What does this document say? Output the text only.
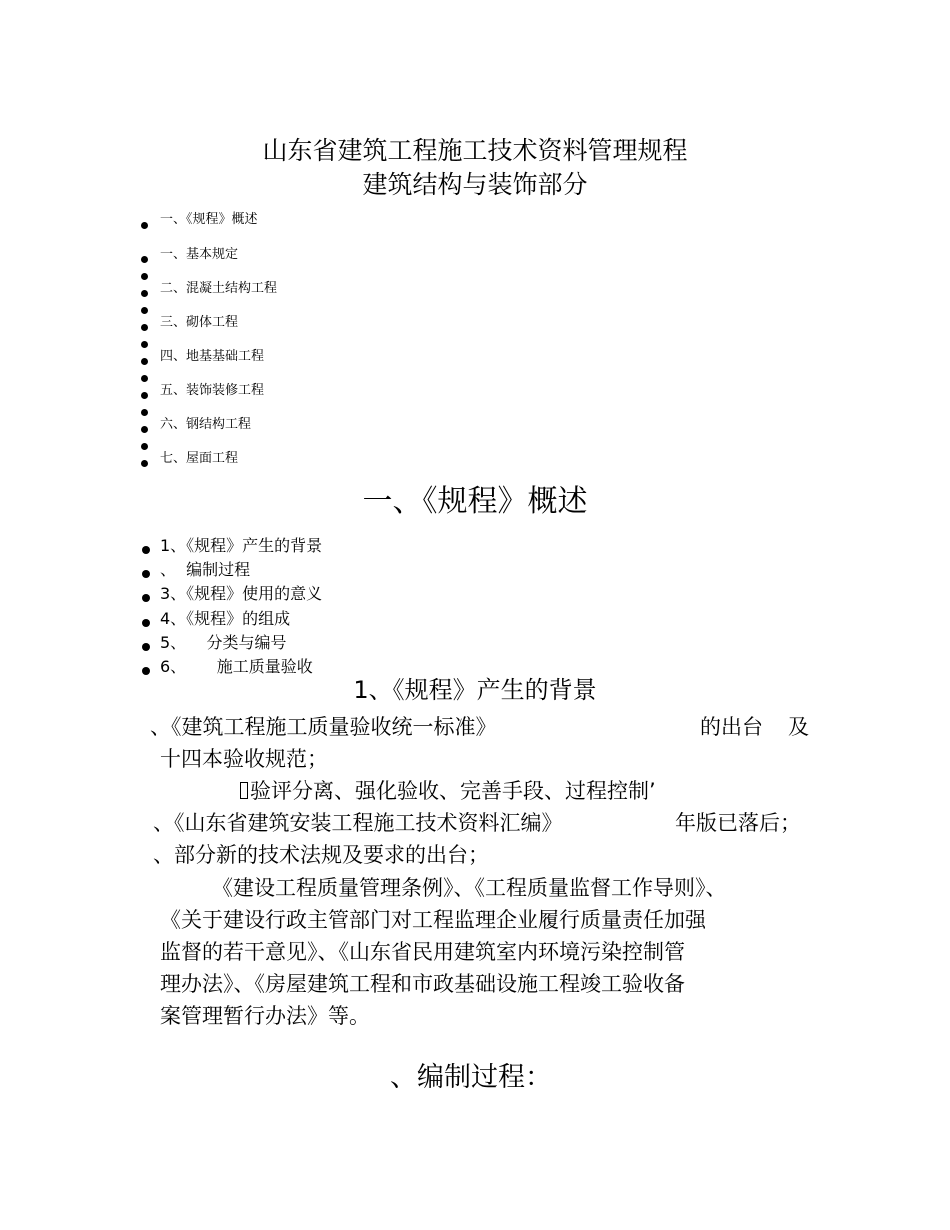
山东省建筑工程施工技术资料管理规程
建筑结构与装饰部分
一、《规程》概述
一、基本规定
二、混凝土结构工程
三、砌体工程
四、地基基础工程
五、装饰装修工程
六、钢结构工程
七、屋面工程
一、《规程》概述
1、《规程》产生的背景
、  编制过程
3、《规程》使用的意义
4、《规程》的组成
5、    分类与编号
6、      施工质量验收
1、《规程》产生的背景
、《建筑工程施工质量验收统一标准》	的出台 及
十四本验收规范；
验评分离、强化验收、完善手段、过程控制’
、《山东省建筑安装工程施工技术资料汇编》	年版已落后；
、部分新的技术法规及要求的出台；
《建设工程质量管理条例》、《工程质量监督工作导则》、
《关于建设行政主管部门对工程监理企业履行质量责任加强
监督的若干意见》、《山东省民用建筑室内环境污染控制管
理办法》、《房屋建筑工程和市政基础设施工程竣工验收备
案管理暂行办法》等。
、编制过程：
